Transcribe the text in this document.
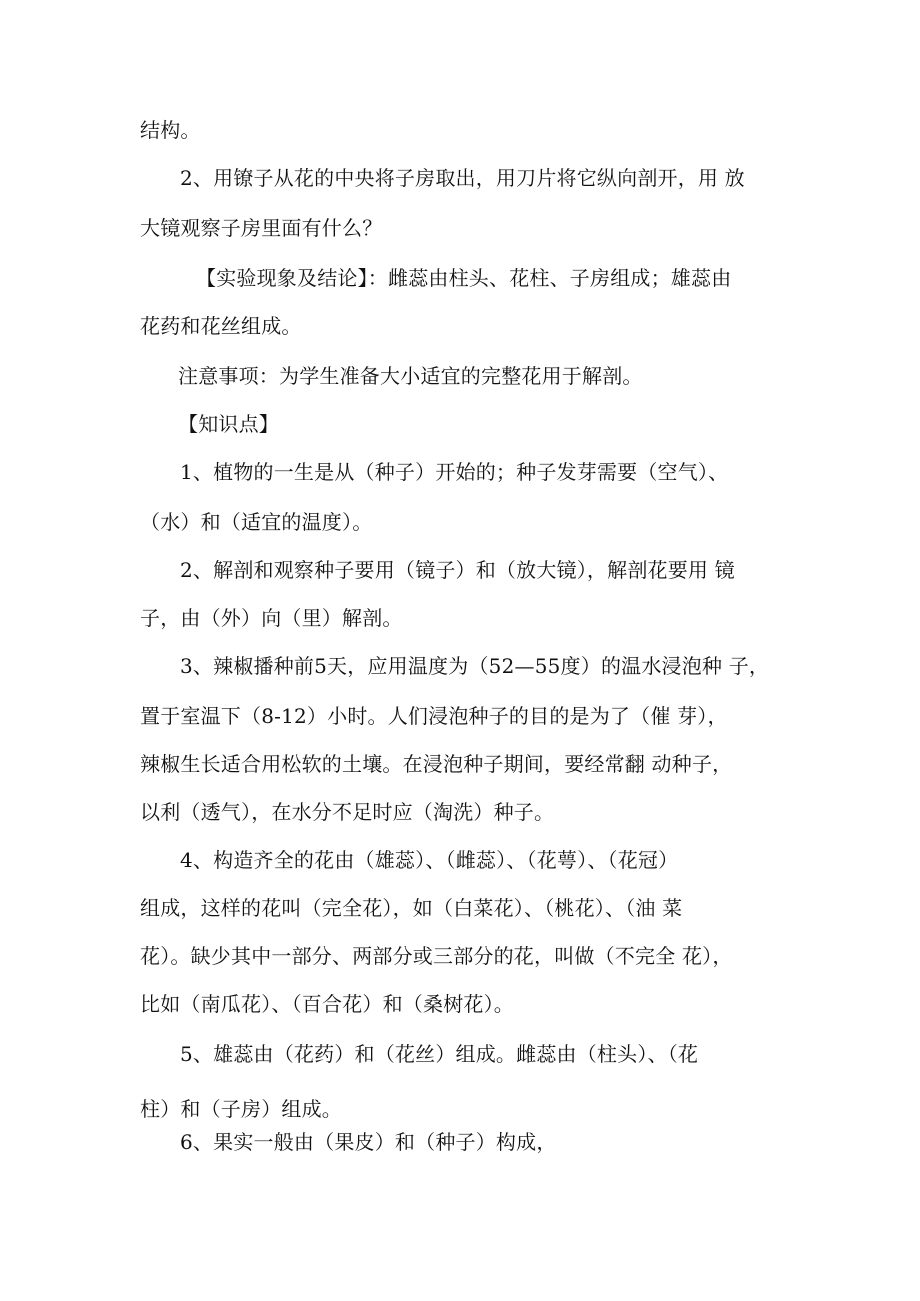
结构。
2、用镣子从花的中央将子房取出，用刀片将它纵向剖开，用 放
大镜观察子房里面有什么？
【实验现象及结论】：雌蕊由柱头、花柱、子房组成；雄蕊由
花药和花丝组成。
注意事项：为学生准备大小适宜的完整花用于解剖。
【知识点】
1、植物的一生是从（种子）开始的；种子发芽需要（空气）、
（水）和（适宜的温度）。
2、解剖和观察种子要用（镜子）和（放大镜），解剖花要用 镜
子，由（外）向（里）解剖。
3、辣椒播种前5天，应用温度为（52—55度）的温水浸泡种 子，
置于室温下（8-12）小时。人们浸泡种子的目的是为了（催 芽），
辣椒生长适合用松软的土壤。在浸泡种子期间，要经常翻 动种子，
以利（透气），在水分不足时应（淘洗）种子。
4、构造齐全的花由（雄蕊）、（雌蕊）、（花萼）、（花冠）
组成，这样的花叫（完全花），如（白菜花）、（桃花）、（油 菜
花）。缺少其中一部分、两部分或三部分的花，叫做（不完全 花），
比如（南瓜花）、（百合花）和（桑树花）。
5、雄蕊由（花药）和（花丝）组成。雌蕊由（柱头）、（花
柱）和（子房）组成。
6、果实一般由（果皮）和（种子）构成，
